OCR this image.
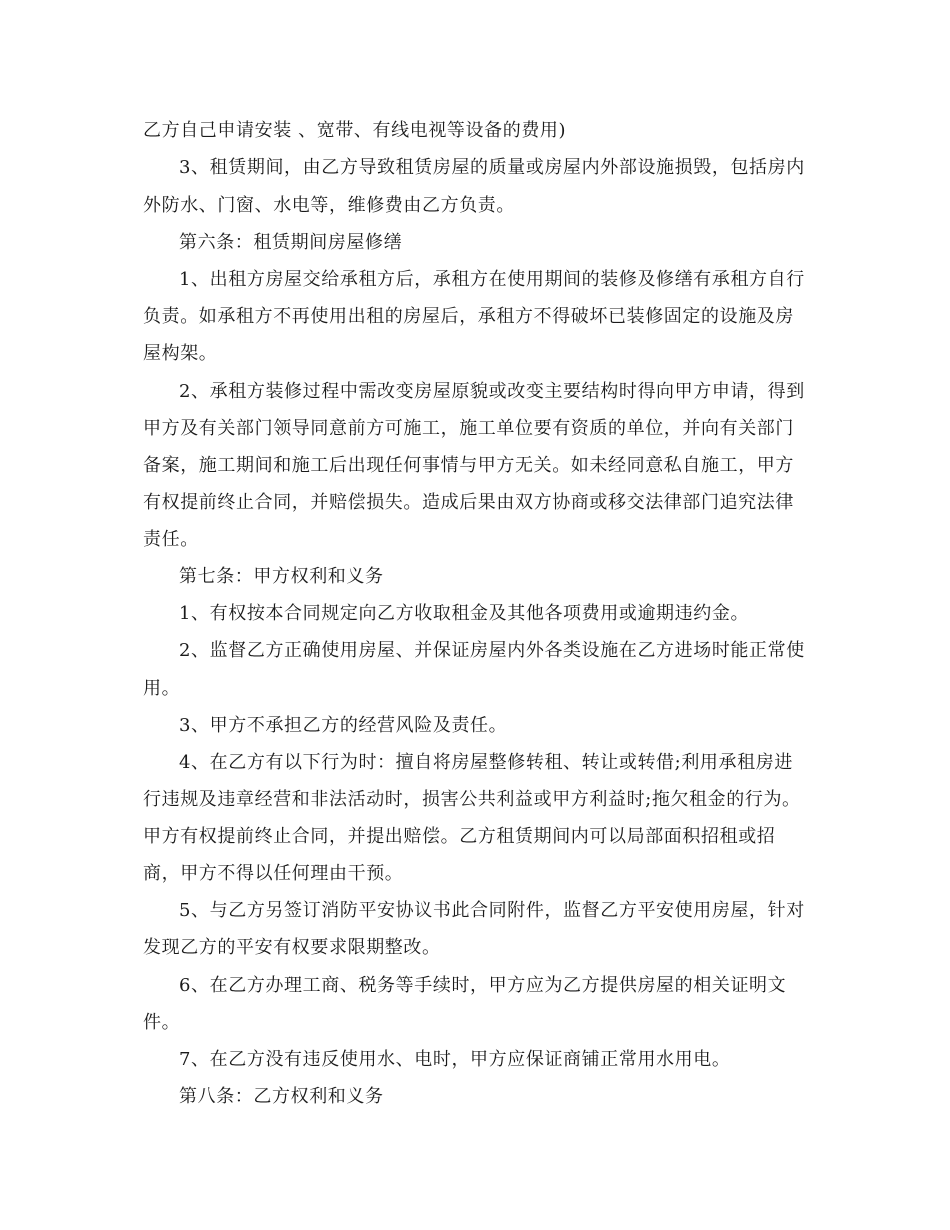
乙方自己申请安装 、宽带、有线电视等设备的费用)
3、租赁期间，由乙方导致租赁房屋的质量或房屋内外部设施损毁，包括房内
外防水、门窗、水电等，维修费由乙方负责。
第六条：租赁期间房屋修缮
1、出租方房屋交给承租方后，承租方在使用期间的装修及修缮有承租方自行
负责。如承租方不再使用出租的房屋后，承租方不得破坏已装修固定的设施及房
屋构架。
2、承租方装修过程中需改变房屋原貌或改变主要结构时得向甲方申请，得到
甲方及有关部门领导同意前方可施工，施工单位要有资质的单位，并向有关部门
备案，施工期间和施工后出现任何事情与甲方无关。如未经同意私自施工，甲方
有权提前终止合同，并赔偿损失。造成后果由双方协商或移交法律部门追究法律
责任。
第七条：甲方权利和义务
1、有权按本合同规定向乙方收取租金及其他各项费用或逾期违约金。
2、监督乙方正确使用房屋、并保证房屋内外各类设施在乙方进场时能正常使
用。
3、甲方不承担乙方的经营风险及责任。
4、在乙方有以下行为时：擅自将房屋整修转租、转让或转借;利用承租房进
行违规及违章经营和非法活动时，损害公共利益或甲方利益时;拖欠租金的行为。
甲方有权提前终止合同，并提出赔偿。乙方租赁期间内可以局部面积招租或招
商，甲方不得以任何理由干预。
5、与乙方另签订消防平安协议书此合同附件，监督乙方平安使用房屋，针对
发现乙方的平安有权要求限期整改。
6、在乙方办理工商、税务等手续时，甲方应为乙方提供房屋的相关证明文
件。
7、在乙方没有违反使用水、电时，甲方应保证商铺正常用水用电。
第八条：乙方权利和义务
